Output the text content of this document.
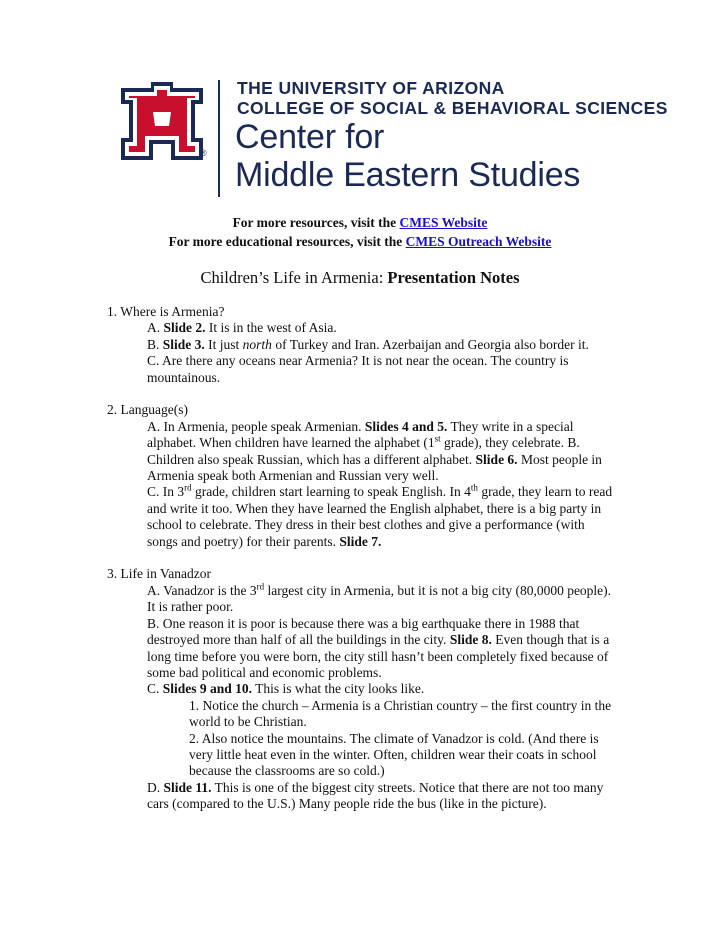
®
THE UNIVERSITY OF ARIZONA
COLLEGE OF SOCIAL & BEHAVIORAL SCIENCES
Center for
Middle Eastern Studies
For more resources, visit the CMES Website
For more educational resources, visit the CMES Outreach Website
Children’s Life in Armenia: Presentation Notes

1. Where is Armenia?

A. Slide 2. It is in the west of Asia.

B. Slide 3. It just north of Turkey and Iran. Azerbaijan and Georgia also border it.

C. Are there any oceans near Armenia? It is not near the ocean. The country is mountainous.

2. Language(s)

A. In Armenia, people speak Armenian. Slides 4 and 5. They write in a special alphabet. When children have learned the alphabet (1st grade), they celebrate. B. Children also speak Russian, which has a different alphabet. Slide 6. Most people in Armenia speak both Armenian and Russian very well.

C. In 3rd grade, children start learning to speak English. In 4th grade, they learn to read and write it too. When they have learned the English alphabet, there is a big party in school to celebrate. They dress in their best clothes and give a performance (with songs and poetry) for their parents. Slide 7.

3. Life in Vanadzor

A. Vanadzor is the 3rd largest city in Armenia, but it is not a big city (80,0000 people). It is rather poor.

B. One reason it is poor is because there was a big earthquake there in 1988 that destroyed more than half of all the buildings in the city. Slide 8. Even though that is a long time before you were born, the city still hasn’t been completely fixed because of some bad political and economic problems.

C. Slides 9 and 10. This is what the city looks like.

1. Notice the church – Armenia is a Christian country – the first country in the world to be Christian.

2. Also notice the mountains. The climate of Vanadzor is cold. (And there is very little heat even in the winter. Often, children wear their coats in school because the classrooms are so cold.)

D. Slide 11. This is one of the biggest city streets. Notice that there are not too many cars (compared to the U.S.) Many people ride the bus (like in the picture).
